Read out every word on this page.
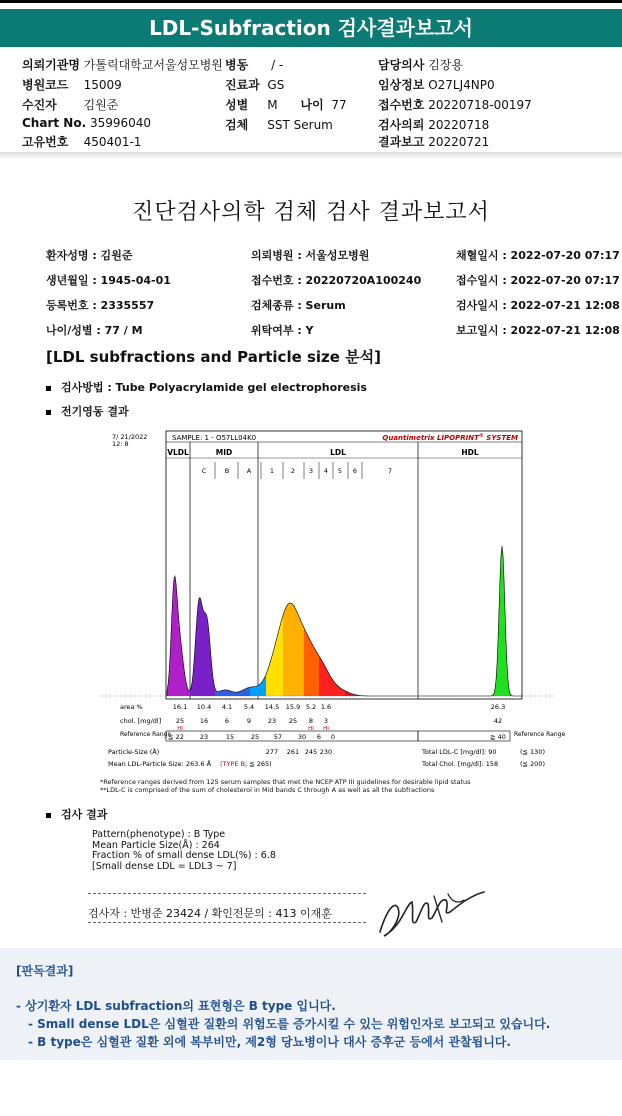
LDL-Subfraction 검사결과보고서
의뢰기관명 가톨릭대학교서울성모병원
병원코드 15009
수진자 김원준
Chart No. 35996040
고유번호 450401-1
병동 / -
진료과 GS
성별 M 나이 77
검체 SST Serum
담당의사 김장용
임상정보 O27LJ4NP0
접수번호 20220718-00197
검사의뢰 20220718
결과보고 20220721
진단검사의학 검체 검사 결과보고서
환자성명 : 김원준	의뢰병원 : 서울성모병원	채혈일시 : 2022-07-20 07:17
생년월일 : 1945-04-01	접수번호 : 20220720A100240	접수일시 : 2022-07-20 07:17
등록번호 : 2335557	검체종류 : Serum	검사일시 : 2022-07-21 12:08
나이/성별 : 77 / M	위탁여부 : Y	보고일시 : 2022-07-21 12:08
[LDL subfractions and Particle size 분석]
검사방법 : Tube Polyacrylamide gel electrophoresis
전기영동 결과
7/ 21/2022
12: 8
SAMPLE: 1 - O57LL04K0	Quantimetrix LIPOPRINT® SYSTEM
VLDL	MID	LDL	HDL
C	B	A	1	2 3 4 5 6	7
area %	16.1 10.4 4.1 5.4 14.5 15.9 5.2 1.6	26.3
chol. [mg/dl] 25 16	6	9	23 25 8 3	42
HI	HI HI
Reference Range
≦ 22 23	15	25 57 30 6 0	≧ 40 Reference Range
Particle-Size (Å)	277 261 245 230
Mean LDL-Particle Size: 263.6 Å (TYPE B ; ≦ 265)
Total LDL-C [mg/dl]: 90	(≦ 130)
Total Chol. [mg/dl]: 158	(≦ 200)
*Reference ranges derived from 125 serum samples that met the NCEP ATP III guidelines for desirable lipid status
**LDL-C is comprised of the sum of cholesterol in Mid bands C through A as well as all the subfractions
검사 결과
Pattern(phenotype) : B Type
Mean Particle Size(Å) : 264
Fraction % of small dense LDL(%) : 6.8
[Small dense LDL = LDL3 ~ 7]
검사자 : 반병준 23424 / 확인전문의 : 413 이재훈
[판독결과]
- 상기환자 LDL subfraction의 표현형은 B type 입니다.
- Small dense LDL은 심혈관 질환의 위험도를 증가시킬 수 있는 위험인자로 보고되고 있습니다.
- B type은 심혈관 질환 외에 복부비만, 제2형 당뇨병이나 대사 증후군 등에서 관찰됩니다.
